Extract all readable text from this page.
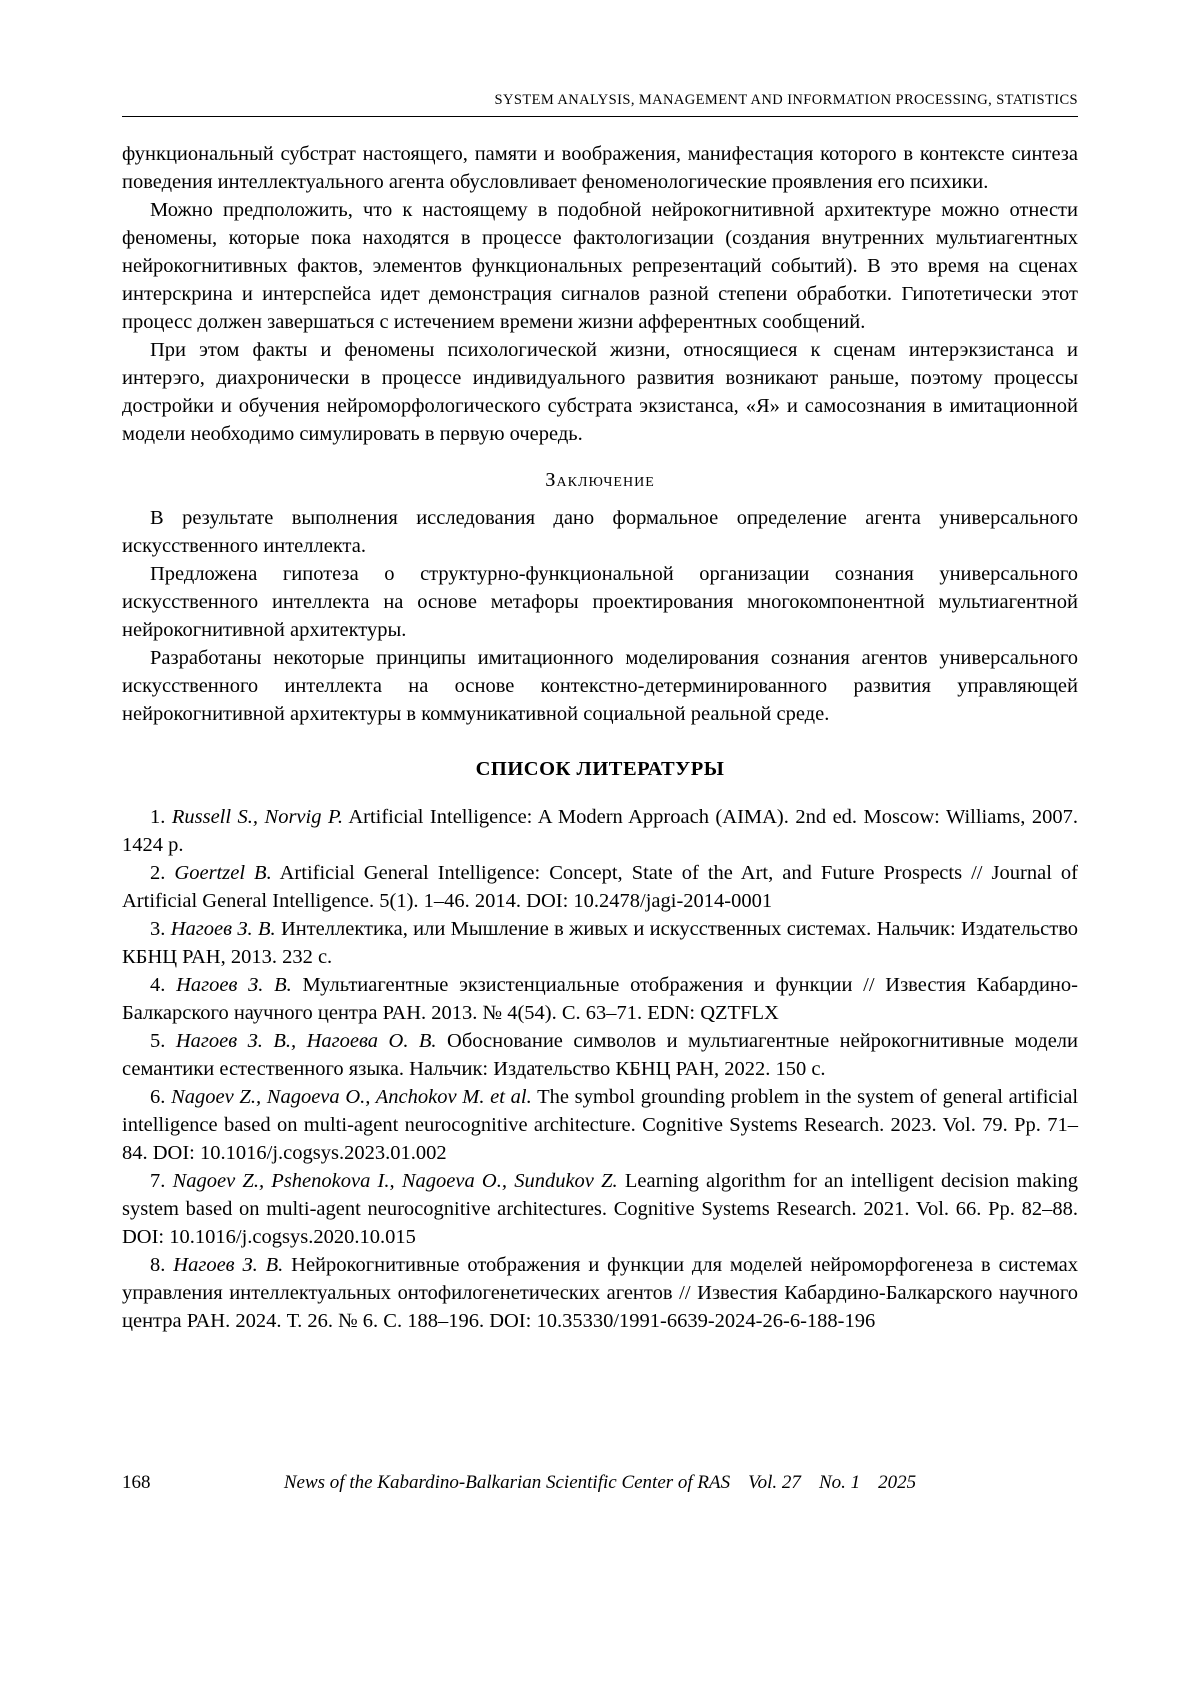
SYSTEM ANALYSIS, MANAGEMENT AND INFORMATION PROCESSING, STATISTICS

функциональный субстрат настоящего, памяти и воображения, манифестация которого в контексте синтеза поведения интеллектуального агента обусловливает феноменологические проявления его психики.

Можно предположить, что к настоящему в подобной нейрокогнитивной архитектуре можно отнести феномены, которые пока находятся в процессе фактологизации (создания внутренних мультиагентных нейрокогнитивных фактов, элементов функциональных репрезентаций событий). В это время на сценах интерскрина и интерспейса идет демонстрация сигналов разной степени обработки. Гипотетически этот процесс должен завершаться с истечением времени жизни афферентных сообщений.

При этом факты и феномены психологической жизни, относящиеся к сценам интерэкзистанса и интерэго, диахронически в процессе индивидуального развития возникают раньше, поэтому процессы достройки и обучения нейроморфологического субстрата экзистанса, «Я» и самосознания в имитационной модели необходимо симулировать в первую очередь.

Заключение

В результате выполнения исследования дано формальное определение агента универсального искусственного интеллекта.

Предложена гипотеза о структурно-функциональной организации сознания универсального искусственного интеллекта на основе метафоры проектирования многокомпонентной мультиагентной нейрокогнитивной архитектуры.

Разработаны некоторые принципы имитационного моделирования сознания агентов универсального искусственного интеллекта на основе контекстно-детерминированного развития управляющей нейрокогнитивной архитектуры в коммуникативной социальной реальной среде.

СПИСОК ЛИТЕРАТУРЫ

1. Russell S., Norvig P. Artificial Intelligence: A Modern Approach (AIMA). 2nd ed. Moscow: Williams, 2007. 1424 p.

2. Goertzel B. Artificial General Intelligence: Concept, State of the Art, and Future Prospects // Journal of Artificial General Intelligence. 5(1). 1–46. 2014. DOI: 10.2478/jagi-2014-0001

3. Нагоев З. В. Интеллектика, или Мышление в живых и искусственных системах. Нальчик: Издательство КБНЦ РАН, 2013. 232 с.

4. Нагоев З. В. Мультиагентные экзистенциальные отображения и функции // Известия Кабардино-Балкарского научного центра РАН. 2013. № 4(54). С. 63–71. EDN: QZTFLX

5. Нагоев З. В., Нагоева О. В. Обоснование символов и мультиагентные нейрокогнитивные модели семантики естественного языка. Нальчик: Издательство КБНЦ РАН, 2022. 150 с.

6. Nagoev Z., Nagoeva O., Anchokov M. et al. The symbol grounding problem in the system of general artificial intelligence based on multi-agent neurocognitive architecture. Cognitive Systems Research. 2023. Vol. 79. Pp. 71–84. DOI: 10.1016/j.cogsys.2023.01.002

7. Nagoev Z., Pshenokova I., Nagoeva O., Sundukov Z. Learning algorithm for an intelligent decision making system based on multi-agent neurocognitive architectures. Cognitive Systems Research. 2021. Vol. 66. Pp. 82–88. DOI: 10.1016/j.cogsys.2020.10.015

8. Нагоев З. В. Нейрокогнитивные отображения и функции для моделей нейроморфогенеза в системах управления интеллектуальных онтофилогенетических агентов // Известия Кабардино-Балкарского научного центра РАН. 2024. Т. 26. № 6. С. 188–196. DOI: 10.35330/1991-6639-2024-26-6-188-196

168	News of the Kabardino-Balkarian Scientific Center of RAS Vol. 27 No. 1 2025
